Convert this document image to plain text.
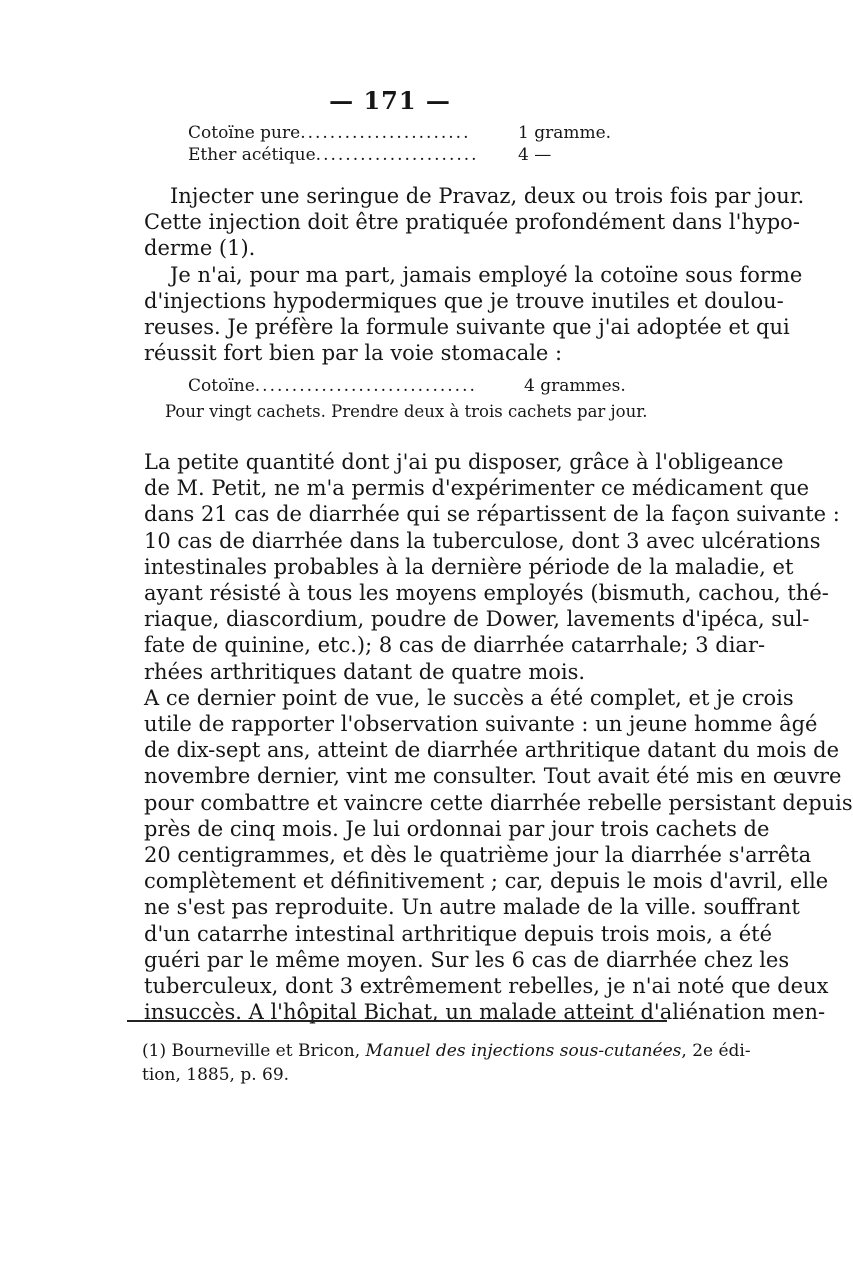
— 171 —
Cotoïne pure.......................	1 gramme.
Ether acétique...................... 4 —
Injecter une seringue de Pravaz, deux ou trois fois par jour.
Cette injection doit être pratiquée profondément dans l'hypo-
derme (1).
Je n'ai, pour ma part, jamais employé la cotoïne sous forme
d'injections hypodermiques que je trouve inutiles et doulou-
reuses. Je préfère la formule suivante que j'ai adoptée et qui
réussit fort bien par la voie stomacale :
Cotoïne..............................	4 grammes.
Pour vingt cachets. Prendre deux à trois cachets par jour.
La petite quantité dont j'ai pu disposer, grâce à l'obligeance
de M. Petit, ne m'a permis d'expérimenter ce médicament que
dans 21 cas de diarrhée qui se répartissent de la façon suivante :
10 cas de diarrhée dans la tuberculose, dont 3 avec ulcérations
intestinales probables à la dernière période de la maladie, et
ayant résisté à tous les moyens employés (bismuth, cachou, thé-
riaque, diascordium, poudre de Dower, lavements d'ipéca, sul-
fate de quinine, etc.); 8 cas de diarrhée catarrhale; 3 diar-
rhées arthritiques datant de quatre mois.
A ce dernier point de vue, le succès a été complet, et je crois
utile de rapporter l'observation suivante : un jeune homme âgé
de dix-sept ans, atteint de diarrhée arthritique datant du mois de
novembre dernier, vint me consulter. Tout avait été mis en œuvre
pour combattre et vaincre cette diarrhée rebelle persistant depuis
près de cinq mois. Je lui ordonnai par jour trois cachets de
20 centigrammes, et dès le quatrième jour la diarrhée s'arrêta
complètement et définitivement ; car, depuis le mois d'avril, elle
ne s'est pas reproduite. Un autre malade de la ville. souffrant
d'un catarrhe intestinal arthritique depuis trois mois, a été
guéri par le même moyen. Sur les 6 cas de diarrhée chez les
tuberculeux, dont 3 extrêmement rebelles, je n'ai noté que deux
insuccès. A l'hôpital Bichat, un malade atteint d'aliénation men-
(1) Bourneville et Bricon, Manuel des injections sous-cutanées, 2e édi-
tion, 1885, p. 69.
